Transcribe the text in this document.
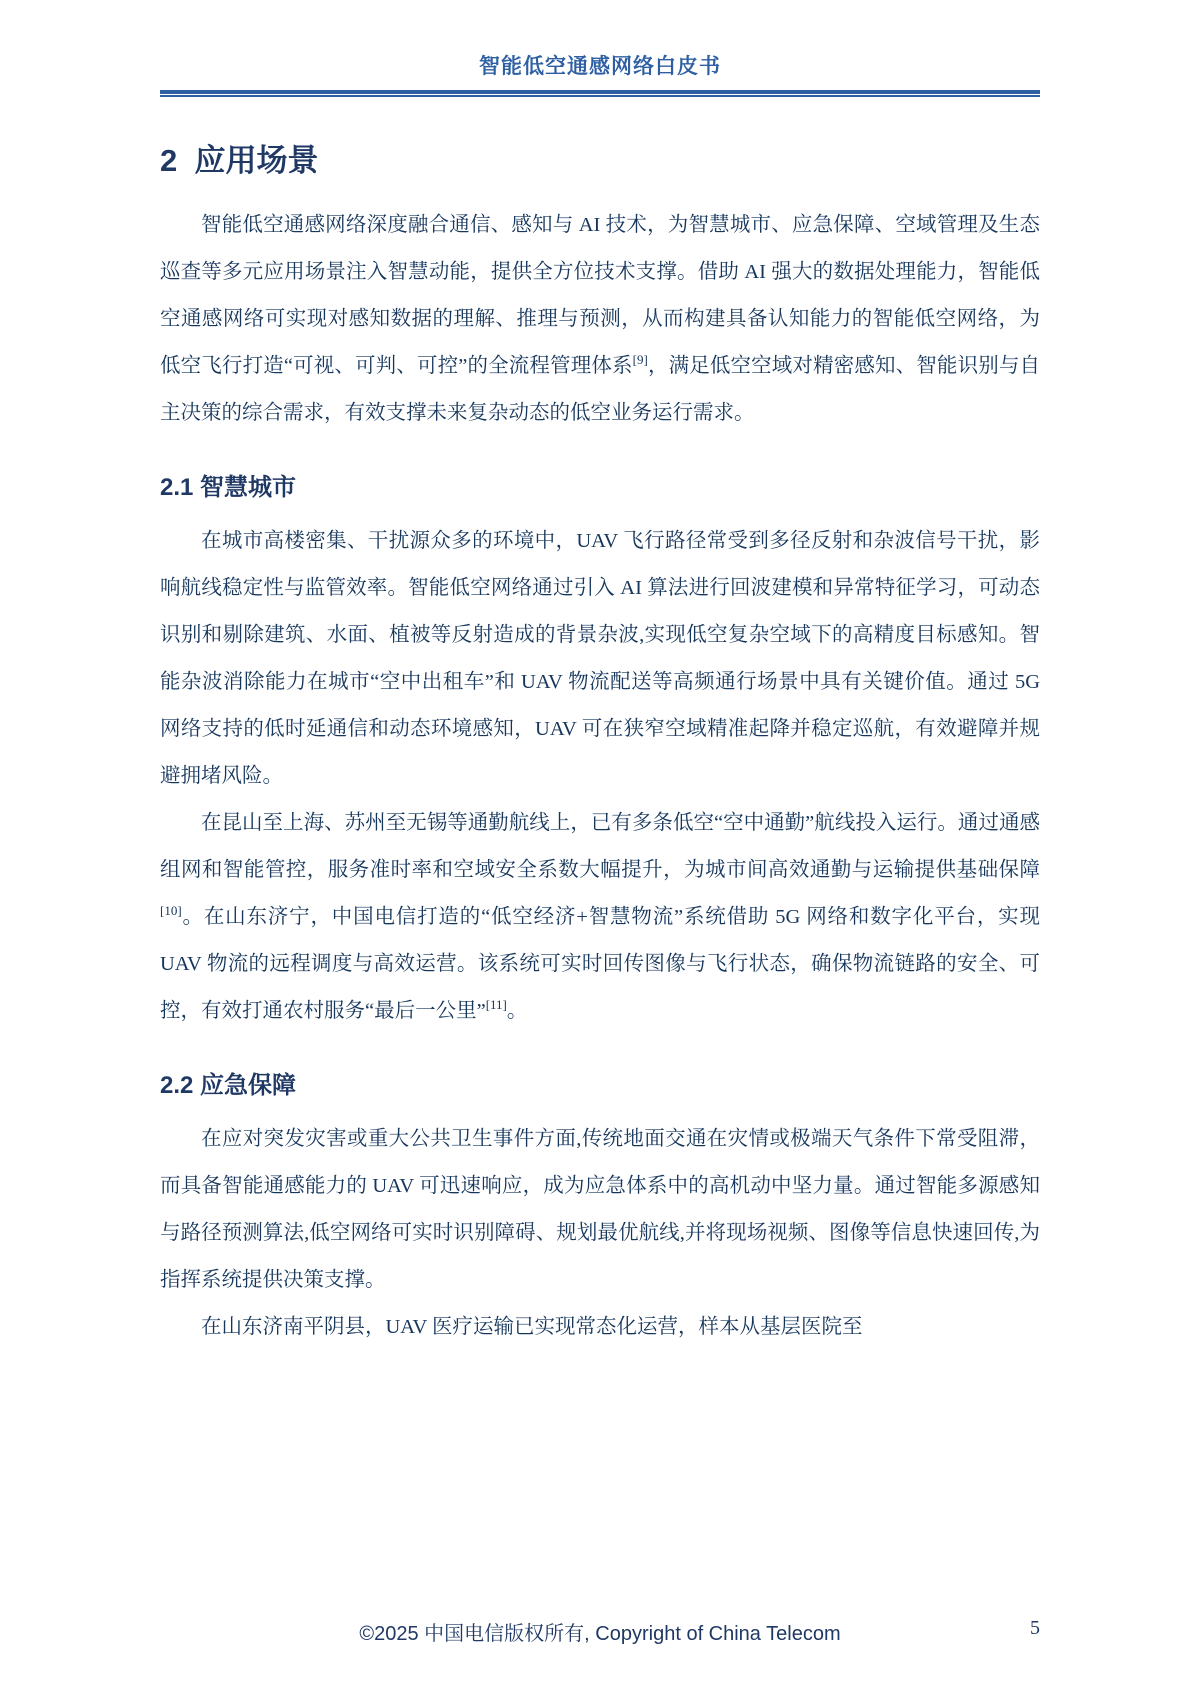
智能低空通感网络白皮书
2  应用场景

智能低空通感网络深度融合通信、感知与 AI 技术，为智慧城市、应急保障、空域管理及生态巡查等多元应用场景注入智慧动能，提供全方位技术支撑。借助 AI 强大的数据处理能力，智能低空通感网络可实现对感知数据的理解、推理与预测，从而构建具备认知能力的智能低空网络，为低空飞行打造“可视、可判、可控”的全流程管理体系[9]，满足低空空域对精密感知、智能识别与自主决策的综合需求，有效支撑未来复杂动态的低空业务运行需求。

2.1 智慧城市

在城市高楼密集、干扰源众多的环境中，UAV 飞行路径常受到多径反射和杂波信号干扰，影响航线稳定性与监管效率。智能低空网络通过引入 AI 算法进行回波建模和异常特征学习，可动态识别和剔除建筑、水面、植被等反射造成的背景杂波,实现低空复杂空域下的高精度目标感知。智能杂波消除能力在城市“空中出租车”和 UAV 物流配送等高频通行场景中具有关键价值。通过 5G 网络支持的低时延通信和动态环境感知，UAV 可在狭窄空域精准起降并稳定巡航，有效避障并规避拥堵风险。

在昆山至上海、苏州至无锡等通勤航线上，已有多条低空“空中通勤”航线投入运行。通过通感组网和智能管控，服务准时率和空域安全系数大幅提升，为城市间高效通勤与运输提供基础保障[10]。在山东济宁，中国电信打造的“低空经济+智慧物流”系统借助 5G 网络和数字化平台，实现 UAV 物流的远程调度与高效运营。该系统可实时回传图像与飞行状态，确保物流链路的安全、可控，有效打通农村服务“最后一公里”[11]。

2.2 应急保障

在应对突发灾害或重大公共卫生事件方面,传统地面交通在灾情或极端天气条件下常受阻滞，而具备智能通感能力的 UAV 可迅速响应，成为应急体系中的高机动中坚力量。通过智能多源感知与路径预测算法,低空网络可实时识别障碍、规划最优航线,并将现场视频、图像等信息快速回传,为指挥系统提供决策支撑。

在山东济南平阴县，UAV 医疗运输已实现常态化运营，样本从基层医院至

©2025 中国电信版权所有, Copyright of China Telecom	5
